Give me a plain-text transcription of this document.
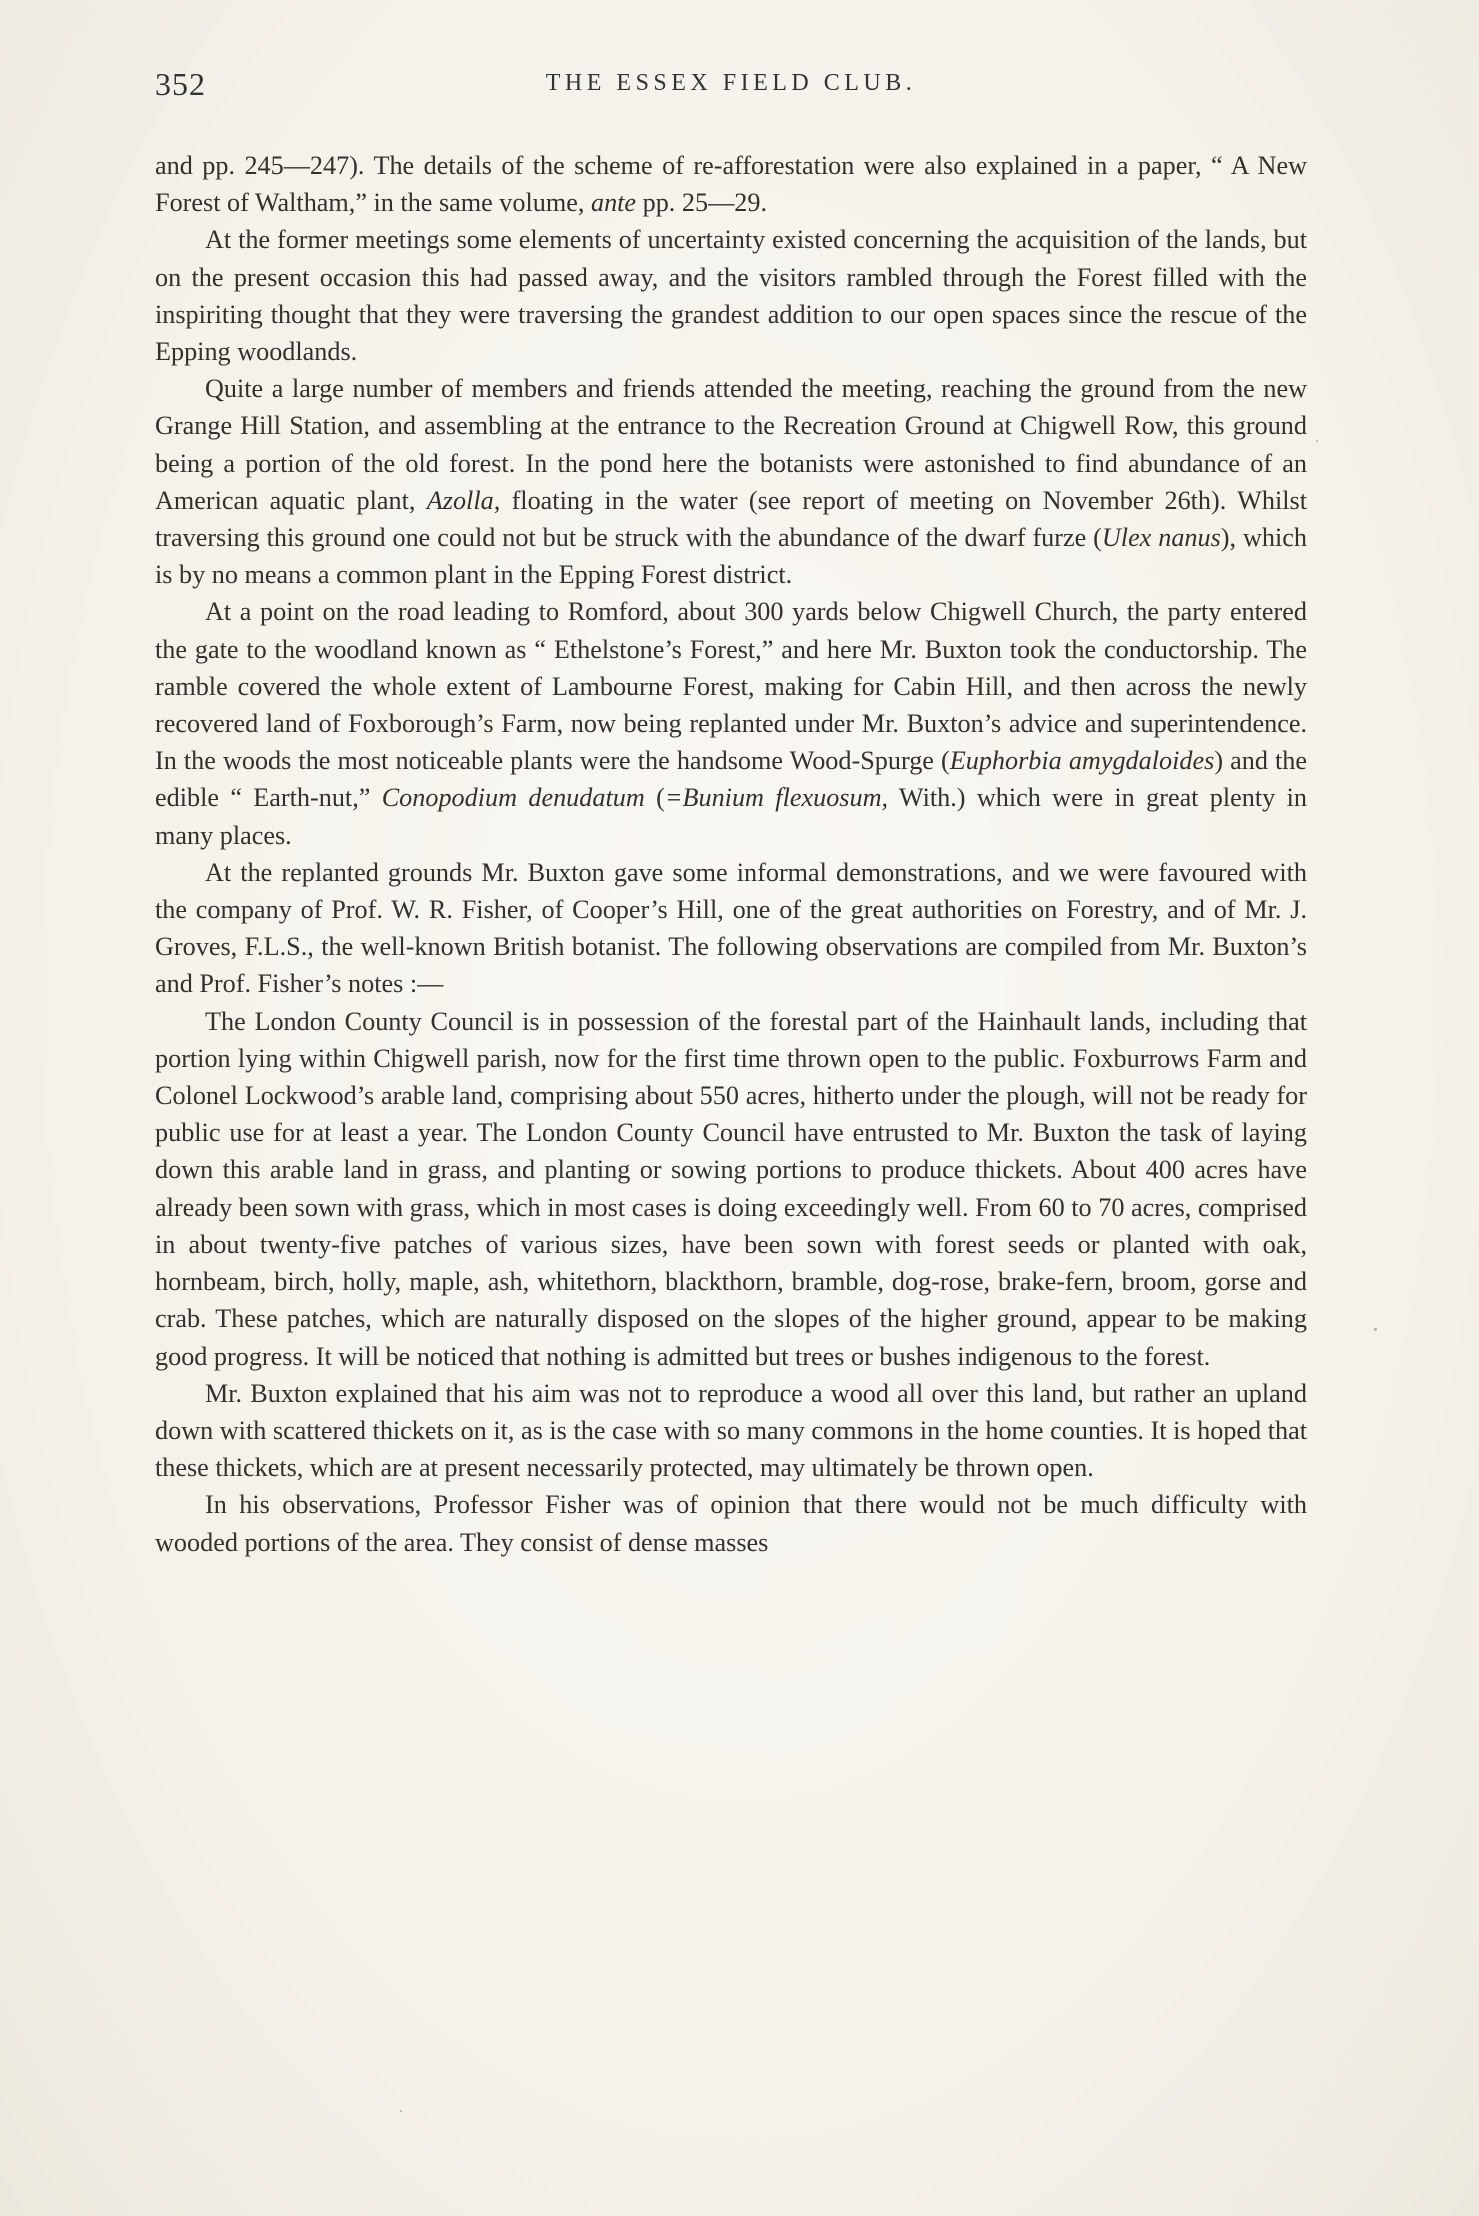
352	THE ESSEX FIELD CLUB.

and pp. 245—247). The details of the scheme of re-afforestation were also explained in a paper, “ A New Forest of Waltham,” in the same volume, ante pp. 25—29.

At the former meetings some elements of uncertainty existed concerning the acquisition of the lands, but on the present occasion this had passed away, and the visitors rambled through the Forest filled with the inspiriting thought that they were traversing the grandest addition to our open spaces since the rescue of the Epping woodlands.

Quite a large number of members and friends attended the meeting, reaching the ground from the new Grange Hill Station, and assembling at the entrance to the Recreation Ground at Chigwell Row, this ground being a portion of the old forest. In the pond here the botanists were astonished to find abundance of an American aquatic plant, Azolla, floating in the water (see report of meeting on November 26th). Whilst traversing this ground one could not but be struck with the abundance of the dwarf furze (Ulex nanus), which is by no means a common plant in the Epping Forest district.

At a point on the road leading to Romford, about 300 yards below Chigwell Church, the party entered the gate to the woodland known as “ Ethelstone’s Forest,” and here Mr. Buxton took the conductorship. The ramble covered the whole extent of Lambourne Forest, making for Cabin Hill, and then across the newly recovered land of Foxborough’s Farm, now being replanted under Mr. Buxton’s advice and superintendence. In the woods the most noticeable plants were the handsome Wood-Spurge (Euphorbia amygdaloides) and the edible “ Earth-nut,” Conopodium denudatum (=Bunium flexuosum, With.) which were in great plenty in many places.

At the replanted grounds Mr. Buxton gave some informal demonstrations, and we were favoured with the company of Prof. W. R. Fisher, of Cooper’s Hill, one of the great authorities on Forestry, and of Mr. J. Groves, F.L.S., the well-known British botanist. The following observations are compiled from Mr. Buxton’s and Prof. Fisher’s notes :—

The London County Council is in possession of the forestal part of the Hainhault lands, including that portion lying within Chigwell parish, now for the first time thrown open to the public. Foxburrows Farm and Colonel Lockwood’s arable land, comprising about 550 acres, hitherto under the plough, will not be ready for public use for at least a year. The London County Council have entrusted to Mr. Buxton the task of laying down this arable land in grass, and planting or sowing portions to produce thickets. About 400 acres have already been sown with grass, which in most cases is doing exceedingly well. From 60 to 70 acres, comprised in about twenty-five patches of various sizes, have been sown with forest seeds or planted with oak, hornbeam, birch, holly, maple, ash, whitethorn, blackthorn, bramble, dog-rose, brake-fern, broom, gorse and crab. These patches, which are naturally disposed on the slopes of the higher ground, appear to be making good progress. It will be noticed that nothing is admitted but trees or bushes indigenous to the forest.

Mr. Buxton explained that his aim was not to reproduce a wood all over this land, but rather an upland down with scattered thickets on it, as is the case with so many commons in the home counties. It is hoped that these thickets, which are at present necessarily protected, may ultimately be thrown open.

In his observations, Professor Fisher was of opinion that there would not be much difficulty with wooded portions of the area. They consist of dense masses
